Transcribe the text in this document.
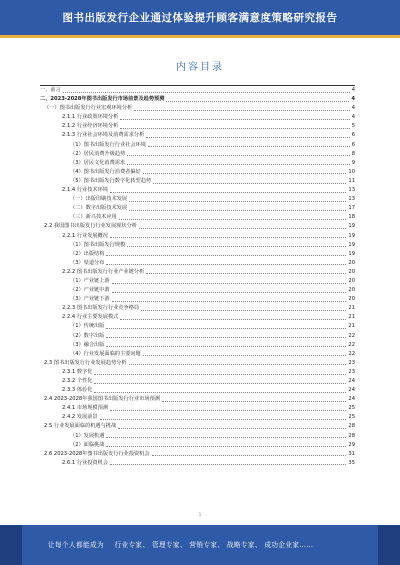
图书出版发行企业通过体验提升顾客满意度策略研究报告
内容目录
一、前言	4
二、2023-2028年图书出版发行市场前景及趋势预测	4
（一）图书出版发行行业宏观环境分析	4
2.1.1 行业政策环境分析	4
2.1.2 行业经济环境分析	5
2.1.3 行业社会环境及消费需求分析	6
（1）图书出版发行行业社会环境	6
（2）居民消费升级趋势	8
（3）居民文化消费需求	9
（4）图书出版发行消费者偏好	10
（5）图书出版发行数字化转型趋势	11
2.1.4 行业技术环境	13
（一）出版印刷技术发展	13
（二）数字出版技术发展	17
（三）新兴技术应用	18
2.2 我国图书出版发行行业发展现状分析	19
2.2.1 行业发展概况	19
（1）图书出版发行规模	19
（2）出版结构	19
（3）渠道分布	20
2.2.2 图书出版发行行业产业链分析	20
（1）产业链上游	20
（2）产业链中游	20
（3）产业链下游	20
2.2.3 图书出版发行行业竞争格局	21
2.2.4 行业主要发展模式	21
（1）传统出版	21
（2）数字出版	22
（3）融合出版	22
（4）行业发展面临的主要问题	22
2.3 图书出版发行行业发展趋势分析	23
2.3.1 数字化	23
2.3.2 个性化	24
2.3.3 体验化	24
2.4 2023-2028年我国图书出版发行行业市场预测	24
2.4.1 市场规模预测	25
2.4.2 发展前景	25
2.5 行业发展面临的机遇与挑战	28
（1）发展机遇	28
（2）面临挑战	29
2.6 2023-2028年图书出版发行行业投资机会	31
2.6.1 行业投资机会	35
1
让每个人都能成为 行业专家、 管理专家、 营销专家、 战略专家、 成功企业家……
